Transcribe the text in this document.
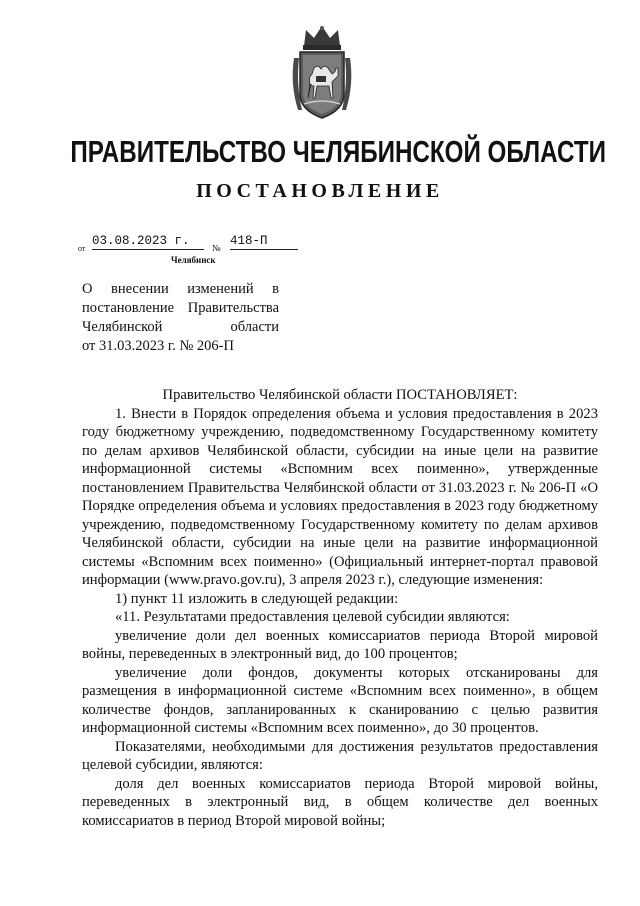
ПРАВИТЕЛЬСТВО ЧЕЛЯБИНСКОЙ ОБЛАСТИ
ПОСТАНОВЛЕНИЕ
от
03.08.2023 г.	№ 418-П
Челябинск
О внесении изменений в
постановление Правительства
Челябинской области
от 31.03.2023 г. № 206-П

Правительство Челябинской области ПОСТАНОВЛЯЕТ:

1. Внести в Порядок определения объема и условия предоставления в 2023 году бюджетному учреждению, подведомственному Государственному комитету по делам архивов Челябинской области, субсидии на иные цели на развитие информационной системы «Вспомним всех поименно», утвержденные постановлением Правительства Челябинской области от 31.03.2023 г. № 206-П «О Порядке определения объема и условиях предоставления в 2023 году бюджетному учреждению, подведомственному Государственному комитету по делам архивов Челябинской области, субсидии на иные цели на развитие информационной системы «Вспомним всех поименно» (Официальный интернет-портал правовой информации (www.pravo.gov.ru), 3 апреля 2023 г.), следующие изменения:

1) пункт 11 изложить в следующей редакции:

«11. Результатами предоставления целевой субсидии являются:

увеличение доли дел военных комиссариатов периода Второй мировой войны, переведенных в электронный вид, до 100 процентов;

увеличение доли фондов, документы которых отсканированы для размещения в информационной системе «Вспомним всех поименно», в общем количестве фондов, запланированных к сканированию с целью развития информационной системы «Вспомним всех поименно», до 30 процентов.

Показателями, необходимыми для достижения результатов предоставления целевой субсидии, являются:

доля дел военных комиссариатов периода Второй мировой войны, переведенных в электронный вид, в общем количестве дел военных комиссариатов в период Второй мировой войны;
